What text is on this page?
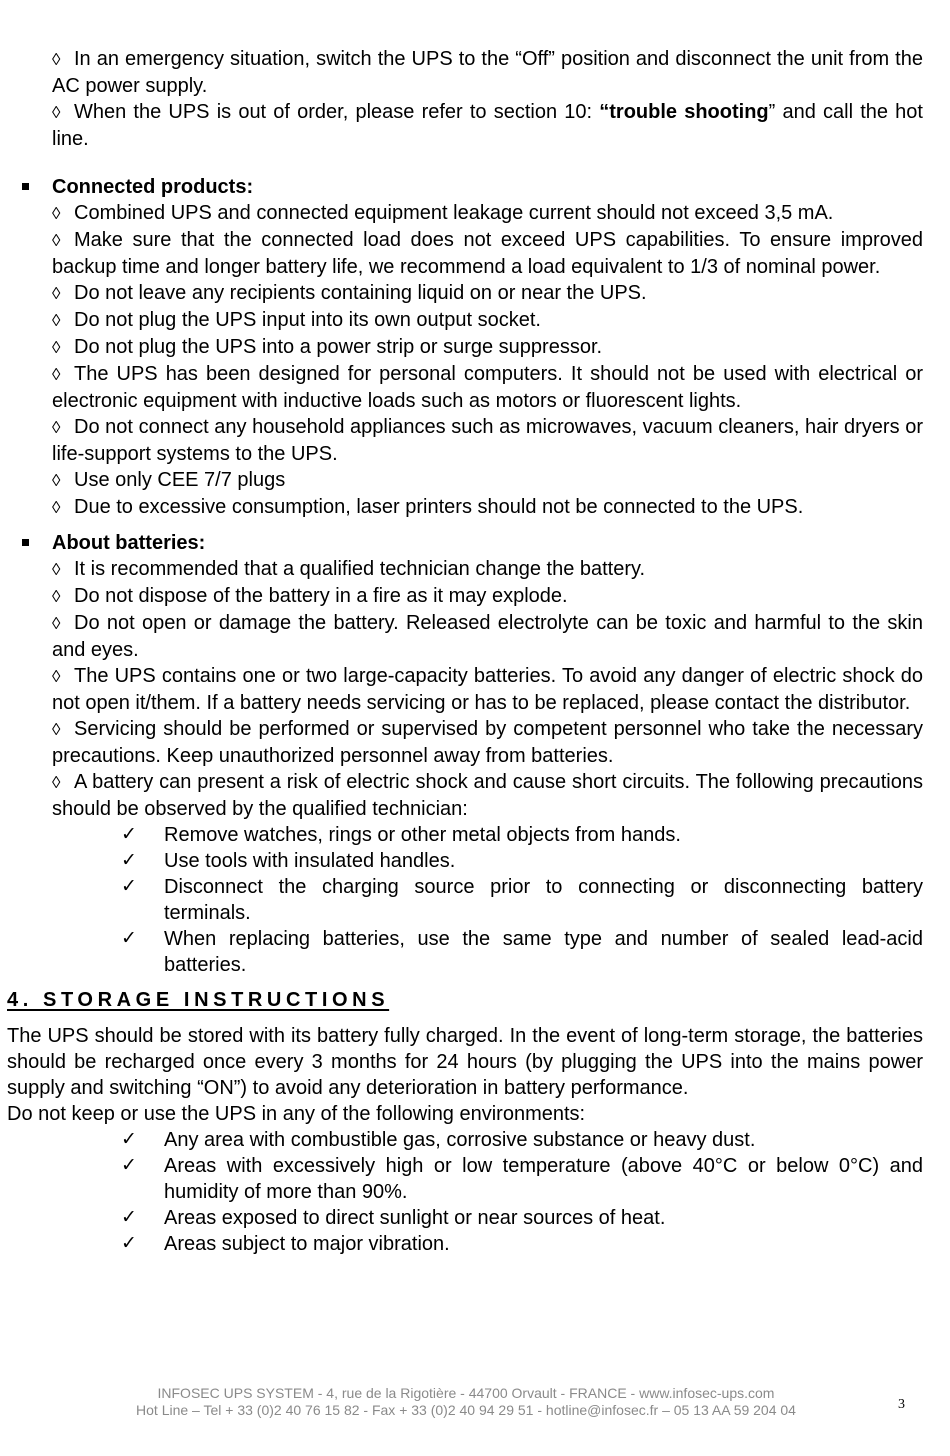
◊ In an emergency situation, switch the UPS to the “Off” position and disconnect the unit from the AC power supply.

◊ When the UPS is out of order, please refer to section 10: “trouble shooting” and call the hot line.

Connected products:

◊ Combined UPS and connected equipment leakage current should not exceed 3,5 mA.

◊ Make sure that the connected load does not exceed UPS capabilities. To ensure improved backup time and longer battery life, we recommend a load equivalent to 1/3 of nominal power.

◊ Do not leave any recipients containing liquid on or near the UPS.

◊ Do not plug the UPS input into its own output socket.

◊ Do not plug the UPS into a power strip or surge suppressor.

◊ The UPS has been designed for personal computers. It should not be used with electrical or electronic equipment with inductive loads such as motors or fluorescent lights.

◊ Do not connect any household appliances such as microwaves, vacuum cleaners, hair dryers or life-support systems to the UPS.

◊ Use only CEE 7/7 plugs

◊ Due to excessive consumption, laser printers should not be connected to the UPS.

About batteries:

◊ It is recommended that a qualified technician change the battery.

◊ Do not dispose of the battery in a fire as it may explode.

◊ Do not open or damage the battery. Released electrolyte can be toxic and harmful to the skin and eyes.

◊ The UPS contains one or two large-capacity batteries. To avoid any danger of electric shock do not open it/them. If a battery needs servicing or has to be replaced, please contact the distributor.

◊ Servicing should be performed or supervised by competent personnel who take the necessary precautions. Keep unauthorized personnel away from batteries.

◊ A battery can present a risk of electric shock and cause short circuits. The following precautions should be observed by the qualified technician:

✓ Remove watches, rings or other metal objects from hands.
✓ Use tools with insulated handles.
✓ Disconnect the charging source prior to connecting or disconnecting battery terminals.
✓ When replacing batteries, use the same type and number of sealed lead-acid batteries.

4. STORAGE INSTRUCTIONS

The UPS should be stored with its battery fully charged. In the event of long-term storage, the batteries should be recharged once every 3 months for 24 hours (by plugging the UPS into the mains power supply and switching “ON”) to avoid any deterioration in battery performance.

Do not keep or use the UPS in any of the following environments:

✓ Any area with combustible gas, corrosive substance or heavy dust.
✓ Areas with excessively high or low temperature (above 40°C or below 0°C) and humidity of more than 90%.
✓ Areas exposed to direct sunlight or near sources of heat.
✓ Areas subject to major vibration.
INFOSEC UPS SYSTEM - 4, rue de la Rigotière - 44700 Orvault - FRANCE - www.infosec-ups.com
Hot Line – Tel + 33 (0)2 40 76 15 82 - Fax + 33 (0)2 40 94 29 51 - hotline@infosec.fr – 05 13 AA 59 204 04	3
